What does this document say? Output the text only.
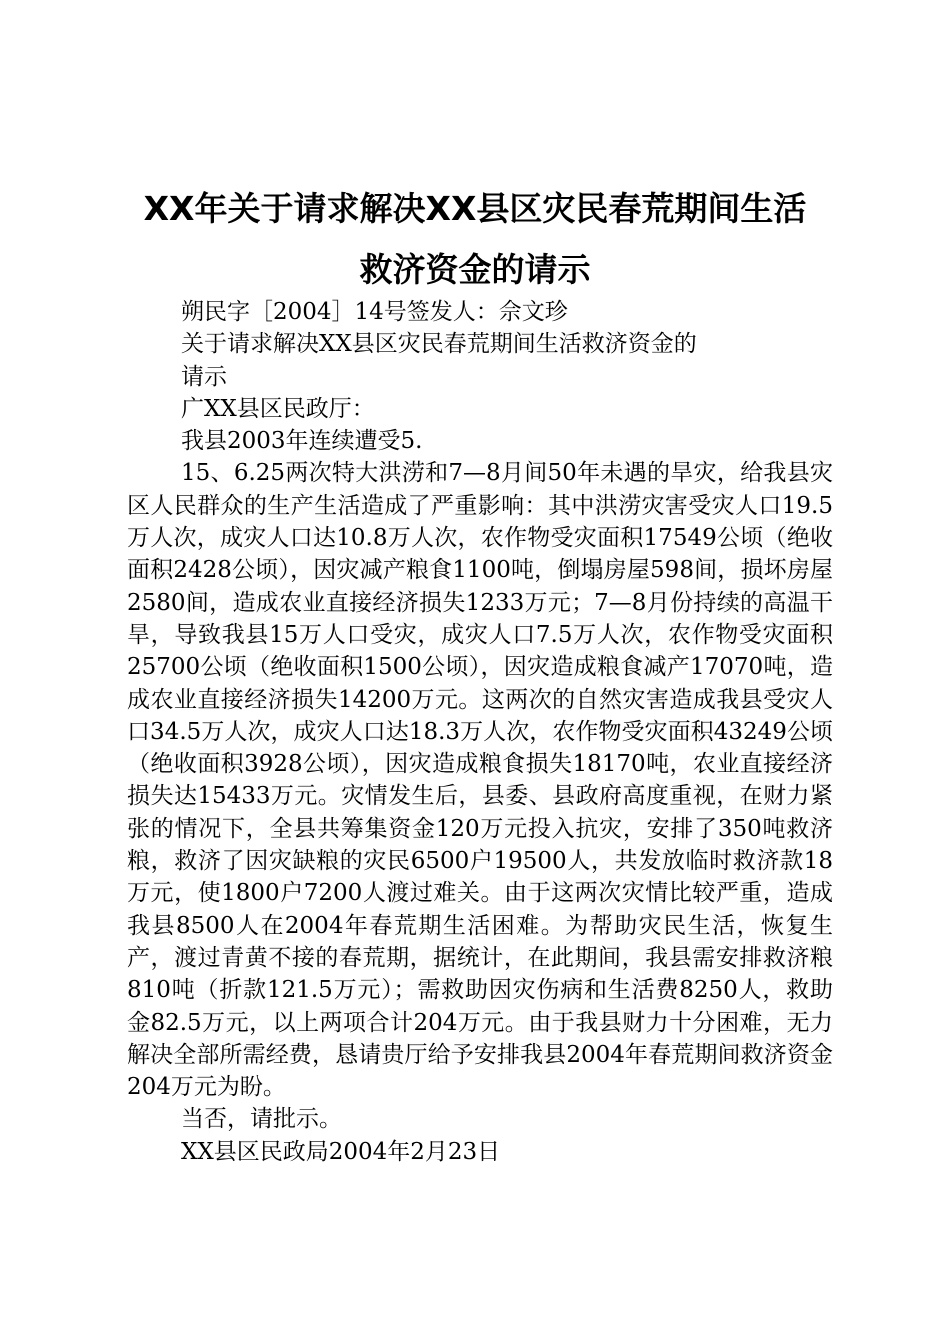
XX年关于请求解决XX县区灾民春荒期间生活
救济资金的请示
朔民字［2004］14号签发人：佘文珍
关于请求解决XX县区灾民春荒期间生活救济资金的
请示
广XX县区民政厅：
我县2003年连续遭受5.
15、6.25两次特大洪涝和7—8月间50年未遇的旱灾，给我县灾区人民群众的生产生活造成了严重影响：其中洪涝灾害受灾人口19.5万人次，成灾人口达10.8万人次，农作物受灾面积17549公顷（绝收面积2428公顷），因灾减产粮食1100吨，倒塌房屋598间，损坏房屋2580间，造成农业直接经济损失1233万元；7—8月份持续的高温干旱，导致我县15万人口受灾，成灾人口7.5万人次，农作物受灾面积25700公顷（绝收面积1500公顷），因灾造成粮食减产17070吨，造成农业直接经济损失14200万元。这两次的自然灾害造成我县受灾人口34.5万人次，成灾人口达18.3万人次，农作物受灾面积43249公顷（绝收面积3928公顷），因灾造成粮食损失18170吨，农业直接经济损失达15433万元。灾情发生后，县委、县政府高度重视，在财力紧张的情况下，全县共筹集资金120万元投入抗灾，安排了350吨救济粮，救济了因灾缺粮的灾民6500户19500人，共发放临时救济款18万元，使1800户7200人渡过难关。由于这两次灾情比较严重，造成我县8500人在2004年春荒期生活困难。为帮助灾民生活，恢复生产，渡过青黄不接的春荒期，据统计，在此期间，我县需安排救济粮810吨（折款121.5万元）；需救助因灾伤病和生活费8250人，救助金82.5万元，以上两项合计204万元。由于我县财力十分困难，无力解决全部所需经费，恳请贵厅给予安排我县2004年春荒期间救济资金204万元为盼。
当否，请批示。
XX县区民政局2004年2月23日
